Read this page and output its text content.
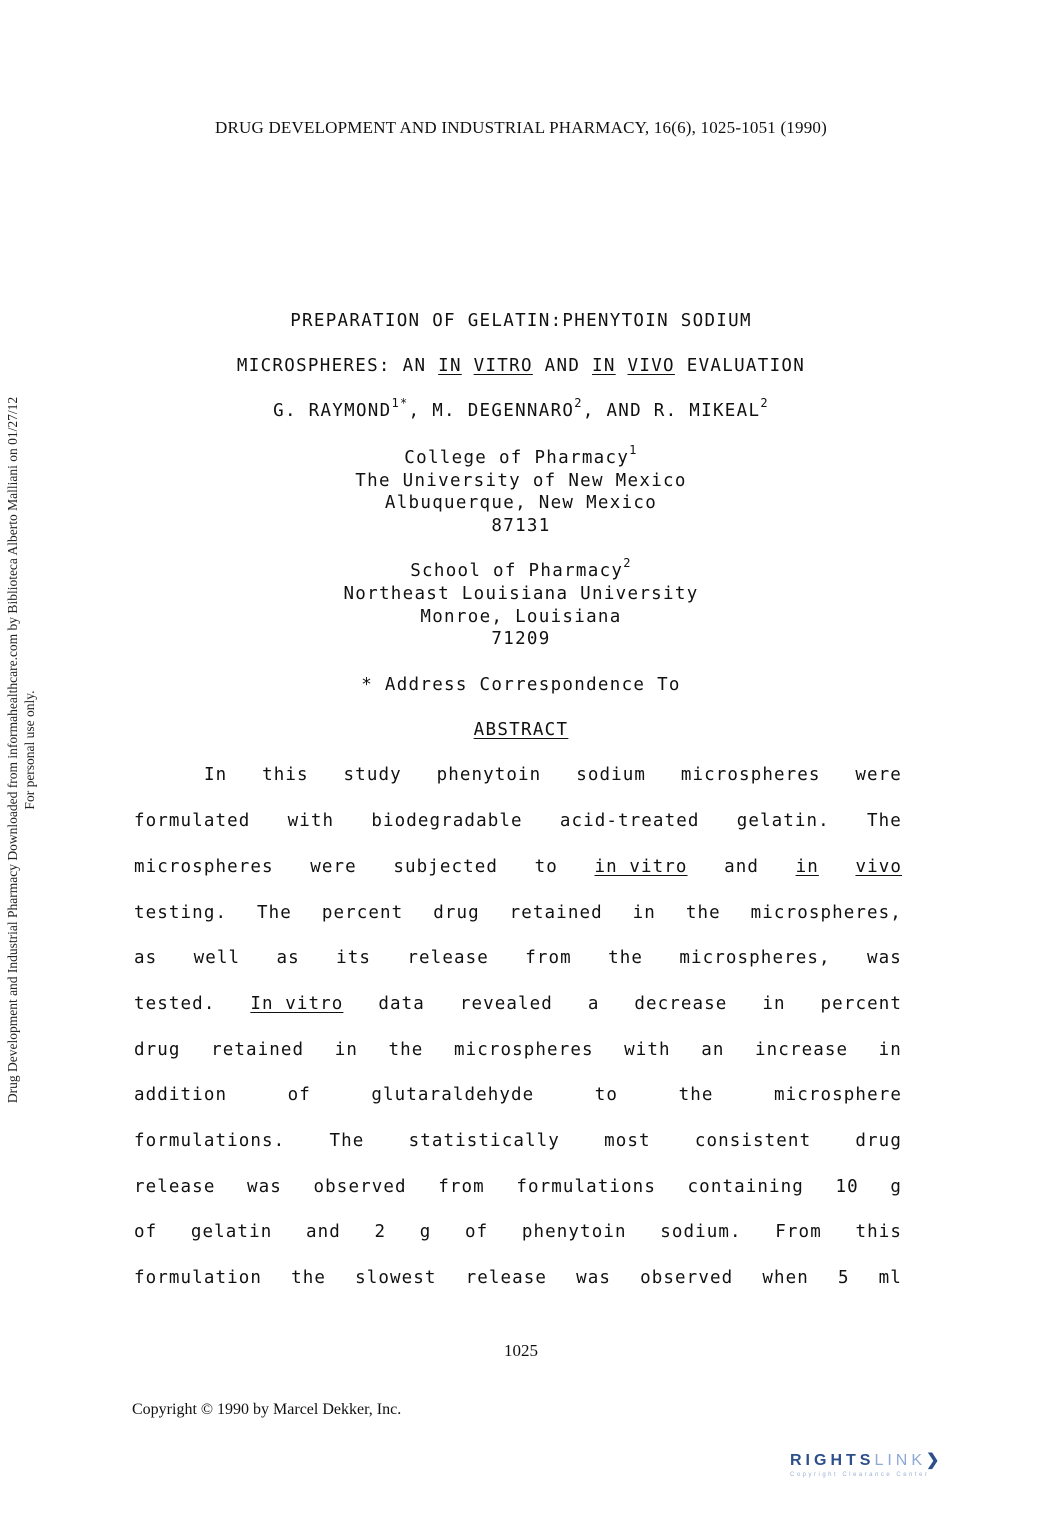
DRUG DEVELOPMENT AND INDUSTRIAL PHARMACY, 16(6), 1025-1051 (1990)
Drug Development and Industrial Pharmacy Downloaded from informahealthcare.com by Biblioteca Alberto Malliani on 01/27/12 For personal use only.
PREPARATION OF GELATIN:PHENYTOIN SODIUM
MICROSPHERES: AN IN VITRO AND IN VIVO EVALUATION
G. $RAYMOND^{1*}$, M. DEGENNARO$^2$, AND R. MIKEAL$^2$
College of Pharmacy$^1$
The University of New Mexico
Albuquerque, New Mexico
87131
School of Pharmacy$^2$
Northeast Louisiana University
Monroe, Louisiana
71209
* Address Correspondence To
ABSTRACT
In this study phenytoin sodium microspheres were
formulated with biodegradable acid-treated gelatin. The
microspheres were subjected to in vitro and in vivo
testing. The percent drug retained in the microspheres,
as well as its release from the microspheres, was
tested. In vitro data revealed a decrease in percent
drug retained in the microspheres with an increase in
addition	of	glutaraldehyde	to	the	microsphere
formulations.	The	statistically	most	consistent	drug
release was observed from formulations containing 10 g
of gelatin and 2 g of phenytoin sodium. From this
formulation the slowest release was observed when 5 ml
1025
Copyright © 1990 by Marcel Dekker, Inc.
RIGHTSLINK❯
Copyright Clearance Center
